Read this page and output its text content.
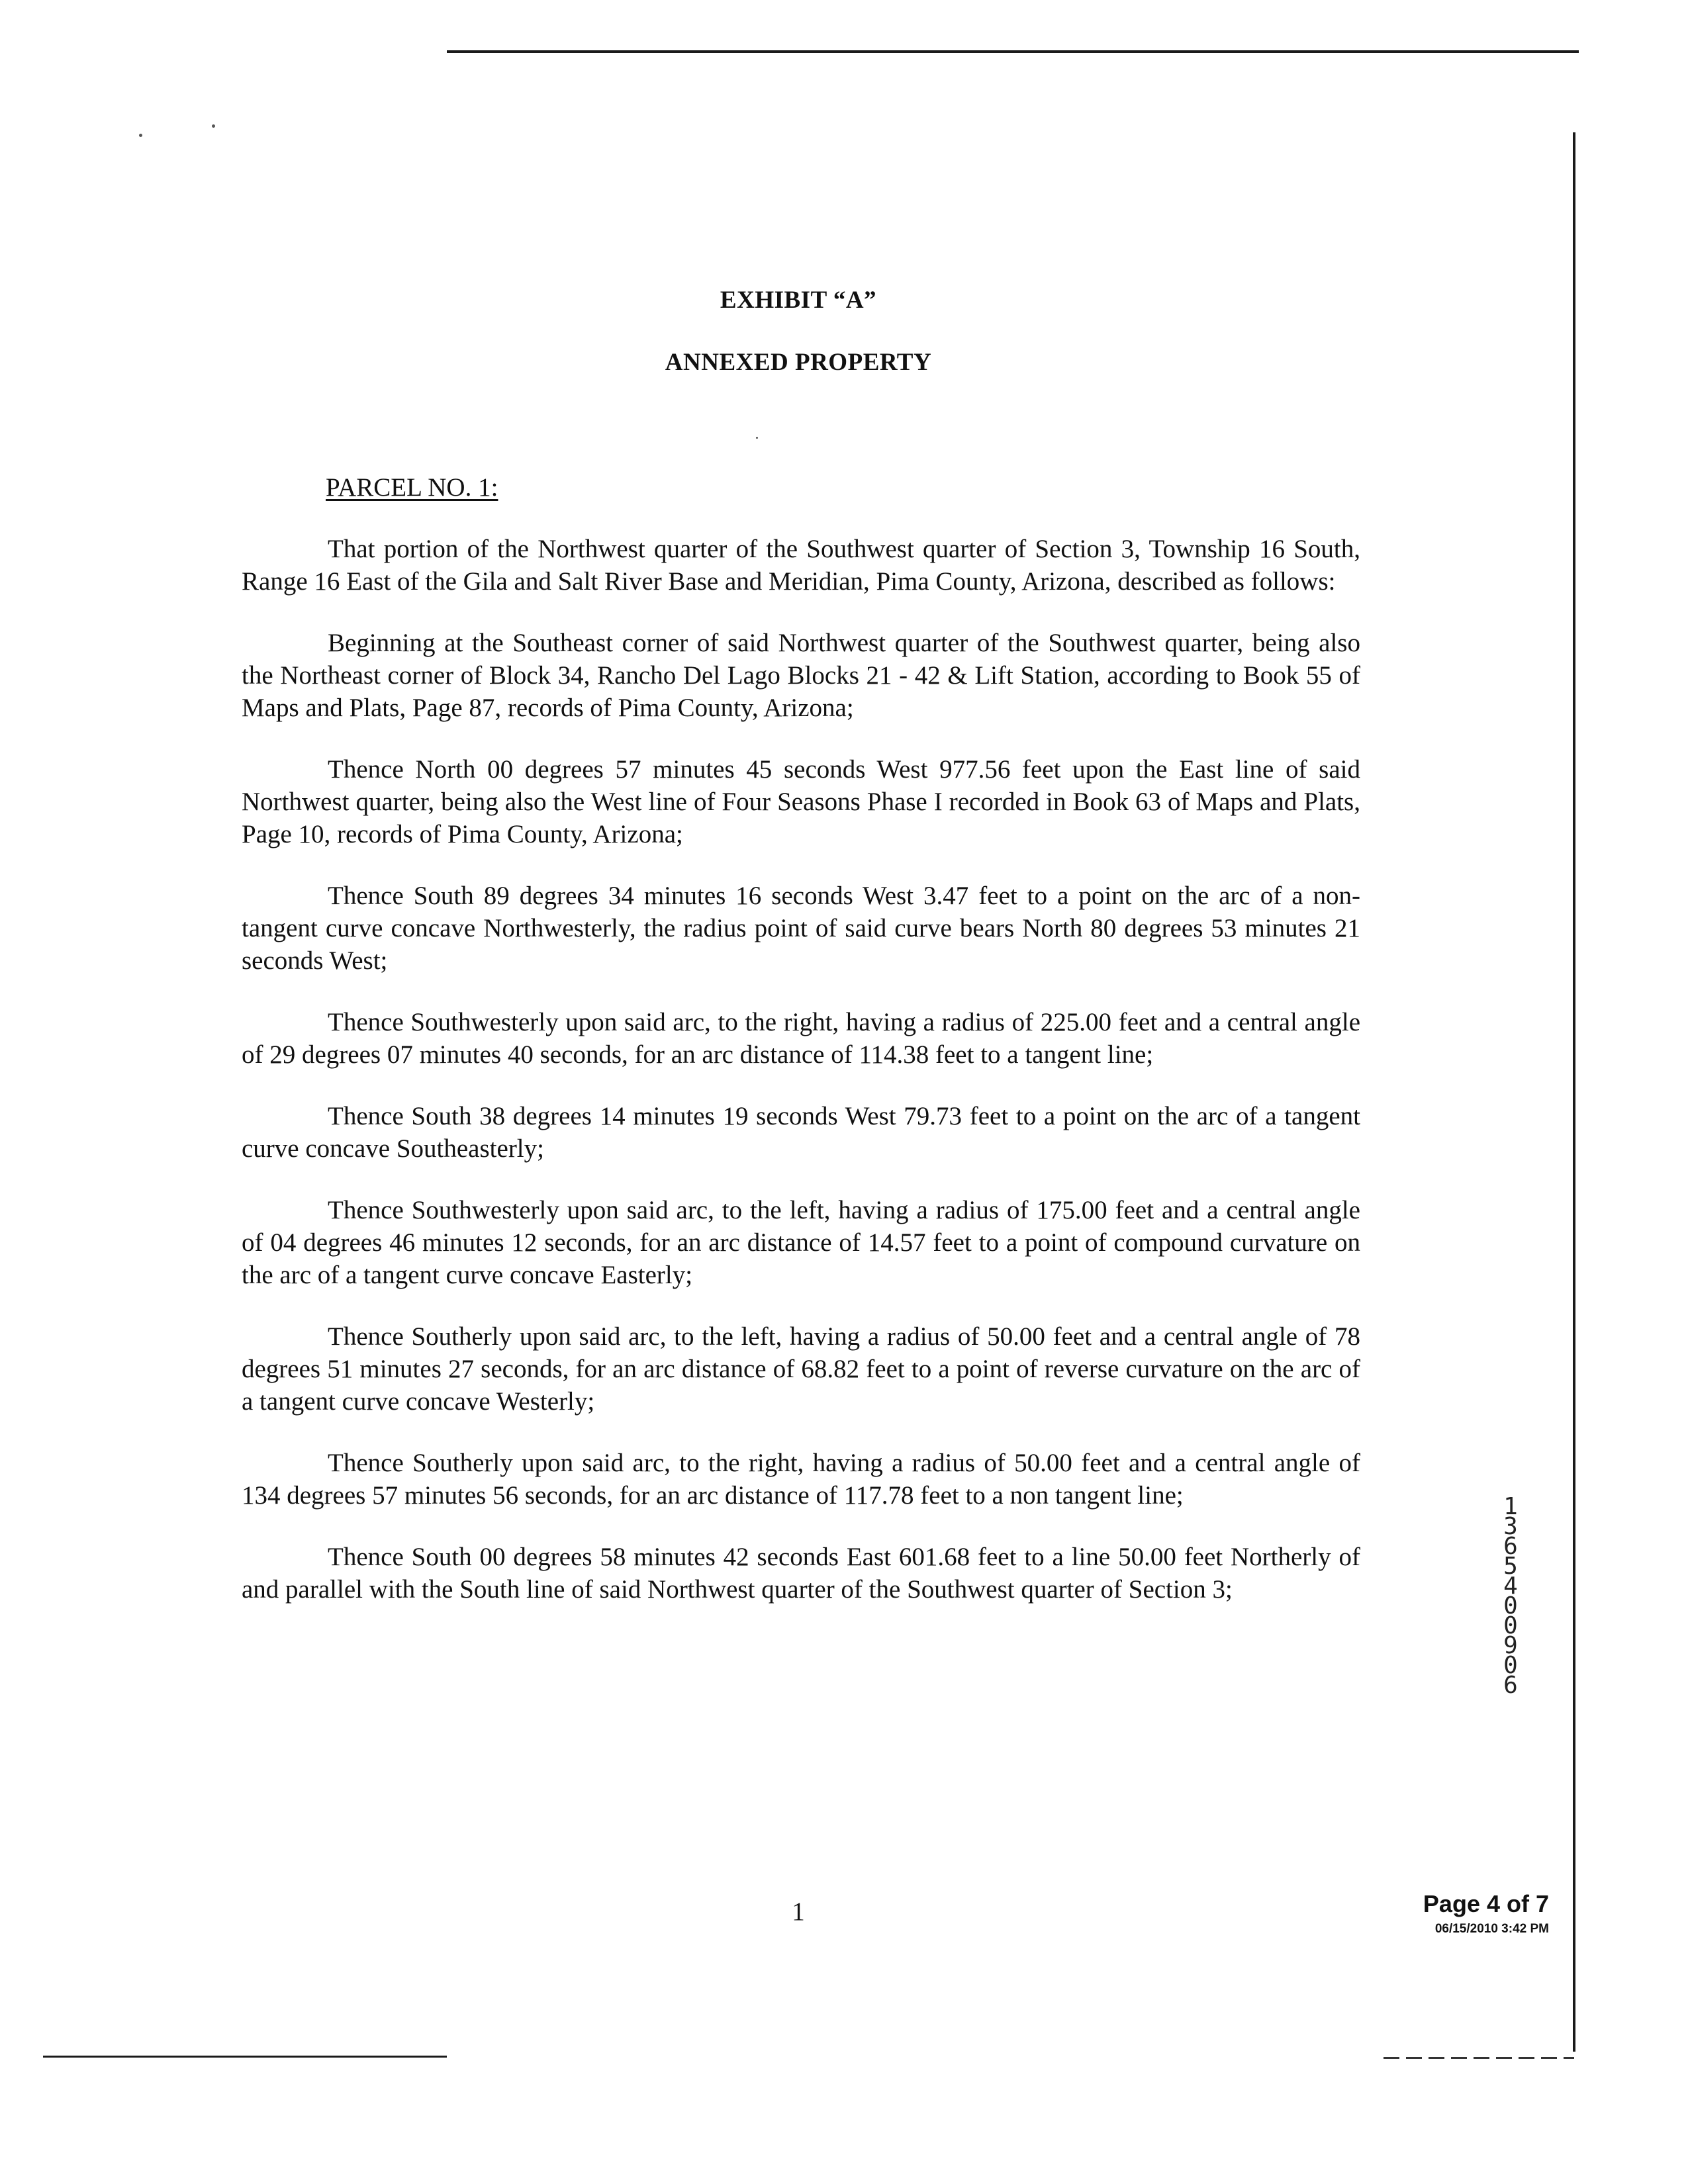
EXHIBIT “A”
ANNEXED PROPERTY
PARCEL NO. 1:

That portion of the Northwest quarter of the Southwest quarter of Section 3, Township 16 South, Range 16 East of the Gila and Salt River Base and Meridian, Pima County, Arizona, described as follows:

Beginning at the Southeast corner of said Northwest quarter of the Southwest quarter, being also the Northeast corner of Block 34, Rancho Del Lago Blocks 21 - 42 & Lift Station, according to Book 55 of Maps and Plats, Page 87, records of Pima County, Arizona;

Thence North 00 degrees 57 minutes 45 seconds West 977.56 feet upon the East line of said Northwest quarter, being also the West line of Four Seasons Phase I recorded in Book 63 of Maps and Plats, Page 10, records of Pima County, Arizona;

Thence South 89 degrees 34 minutes 16 seconds West 3.47 feet to a point on the arc of a non-tangent curve concave Northwesterly, the radius point of said curve bears North 80 degrees 53 minutes 21 seconds West;

Thence Southwesterly upon said arc, to the right, having a radius of 225.00 feet and a central angle of 29 degrees 07 minutes 40 seconds, for an arc distance of 114.38 feet to a tangent line;

Thence South 38 degrees 14 minutes 19 seconds West 79.73 feet to a point on the arc of a tangent curve concave Southeasterly;

Thence Southwesterly upon said arc, to the left, having a radius of 175.00 feet and a central angle of 04 degrees 46 minutes 12 seconds, for an arc distance of 14.57 feet to a point of compound curvature on the arc of a tangent curve concave Easterly;

Thence Southerly upon said arc, to the left, having a radius of 50.00 feet and a central angle of 78 degrees 51 minutes 27 seconds, for an arc distance of 68.82 feet to a point of reverse curvature on the arc of a tangent curve concave Westerly;

Thence Southerly upon said arc, to the right, having a radius of 50.00 feet and a central angle of 134 degrees 57 minutes 56 seconds, for an arc distance of 117.78 feet to a non tangent line;

Thence South 00 degrees 58 minutes 42 seconds East 601.68 feet to a line 50.00 feet Northerly of and parallel with the South line of said Northwest quarter of the Southwest quarter of Section 3;

13654 00906
1	Page 4 of 7
06/15/2010 3:42 PM
